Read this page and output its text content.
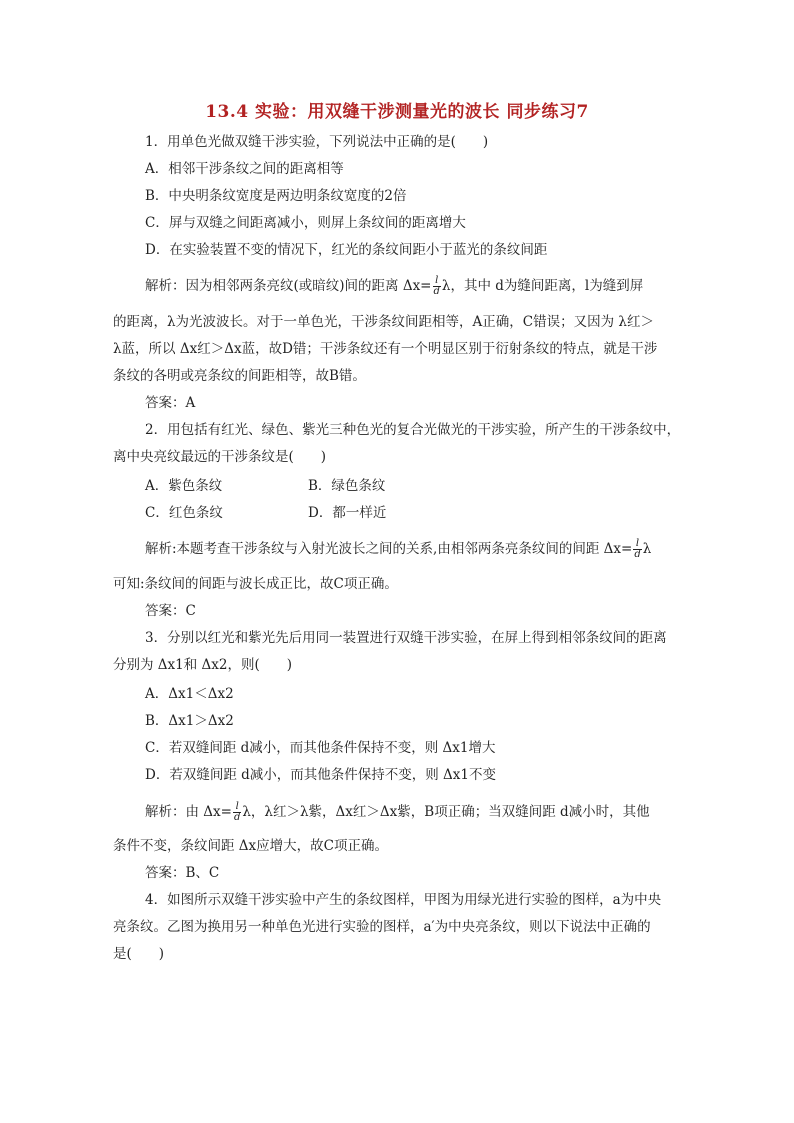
13.4 实验：用双缝干涉测量光的波长 同步练习7
1．用单色光做双缝干涉实验，下列说法中正确的是(　　)
A．相邻干涉条纹之间的距离相等
B．中央明条纹宽度是两边明条纹宽度的2倍
C．屏与双缝之间距离减小，则屏上条纹间的距离增大
D．在实验装置不变的情况下，红光的条纹间距小于蓝光的条纹间距
解析：因为相邻两条亮纹(或暗纹)间的距离 $\Delta x= \frac{l}{d}$ λ，其中 d为缝间距离，l为缝到屏
的距离，λ为光波波长。对于一单色光，干涉条纹间距相等，A正确，C错误；又因为 λ红＞
λ蓝，所以 Δx红＞Δx蓝，故D错；干涉条纹还有一个明显区别于衍射条纹的特点，就是干涉
条纹的各明或亮条纹的间距相等，故B错。
答案：A
2．用包括有红光、绿色、紫光三种色光的复合光做光的干涉实验，所产生的干涉条纹中，
离中央亮纹最远的干涉条纹是(　　)
A．紫色条纹	B．绿色条纹
C．红色条纹	D．都一样近
解析:本题考查干涉条纹与入射光波长之间的关系,由相邻两条亮条纹间的间距 $\Delta x= \frac{l}{d}$ λ
可知:条纹间的间距与波长成正比，故C项正确。
答案：C
3．分别以红光和紫光先后用同一装置进行双缝干涉实验，在屏上得到相邻条纹间的距离
分别为 Δx1和 Δx2，则(　　)
A．Δx1＜Δx2
B．Δx1＞Δx2
C．若双缝间距 d减小，而其他条件保持不变，则 Δx1增大
D．若双缝间距 d减小，而其他条件保持不变，则 Δx1不变
解析：由 $\Delta x= \frac{l}{d}$ λ，λ红＞λ紫，Δx红＞Δx紫，B项正确；当双缝间距 d减小时，其他
条件不变，条纹间距 Δx应增大，故C项正确。
答案：B、C
4．如图所示双缝干涉实验中产生的条纹图样，甲图为用绿光进行实验的图样，a为中央
亮条纹。乙图为换用另一种单色光进行实验的图样，a′为中央亮条纹，则以下说法中正确的
是(　　)
